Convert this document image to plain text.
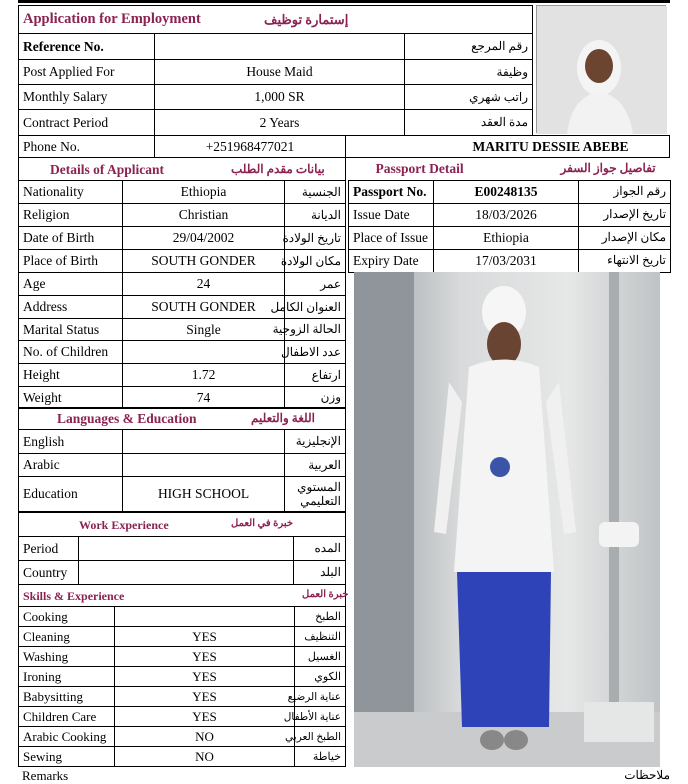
Application for Employment إستمارة توظيف		

Reference No.		رقم المرجع
Post Applied For	House Maid	وظيفة
Monthly Salary	1,000 SR	راتب شهري
Contract Period	2 Years	مدة العقد
Phone No.	+251968477021	MARITU DESSIE ABEBE
Details of Applicant بيانات مقدم الطلب		

Nationality	Ethiopia	الجنسية
Religion	Christian	الديانة
Date of Birth	29/04/2002	تاريخ الولادة
Place of Birth	SOUTH GONDER	مكان الولادة
Age	24	عمر
Address	SOUTH GONDER	العنوان الكامل
Marital Status	Single	الحالة الزوجية
No. of Children		عدد الاطفال
Height	1.72	ارتفاع
Weight	74	وزن
Languages & Education اللغة والتعليم		

English		الإنجليزية
Arabic		العربية
Education	HIGH SCHOOL	المستوي التعليمي
Work Experience خبرة في العمل		

Period		المده
Country		البلد
Skills & Experience خبرة العمل		

Cooking		الطبخ
Cleaning	YES	التنظيف
Washing	YES	الغسيل
Ironing	YES	الكوي
Babysitting	YES	عناية الرضيع
Children Care	YES	عناية الأطفال
Arabic Cooking	NO	الطبخ العربي
Sewing	NO	خياطة
Passport Detail تفاصيل جواز السفر		

Passport No.	E00248135	رقم الجواز
Issue Date	18/03/2026	تاريخ الإصدار
Place of Issue	Ethiopia	مكان الإصدار
Expiry Date	17/03/2031	تاريخ الانتهاء
Remarks	ملاحظات
